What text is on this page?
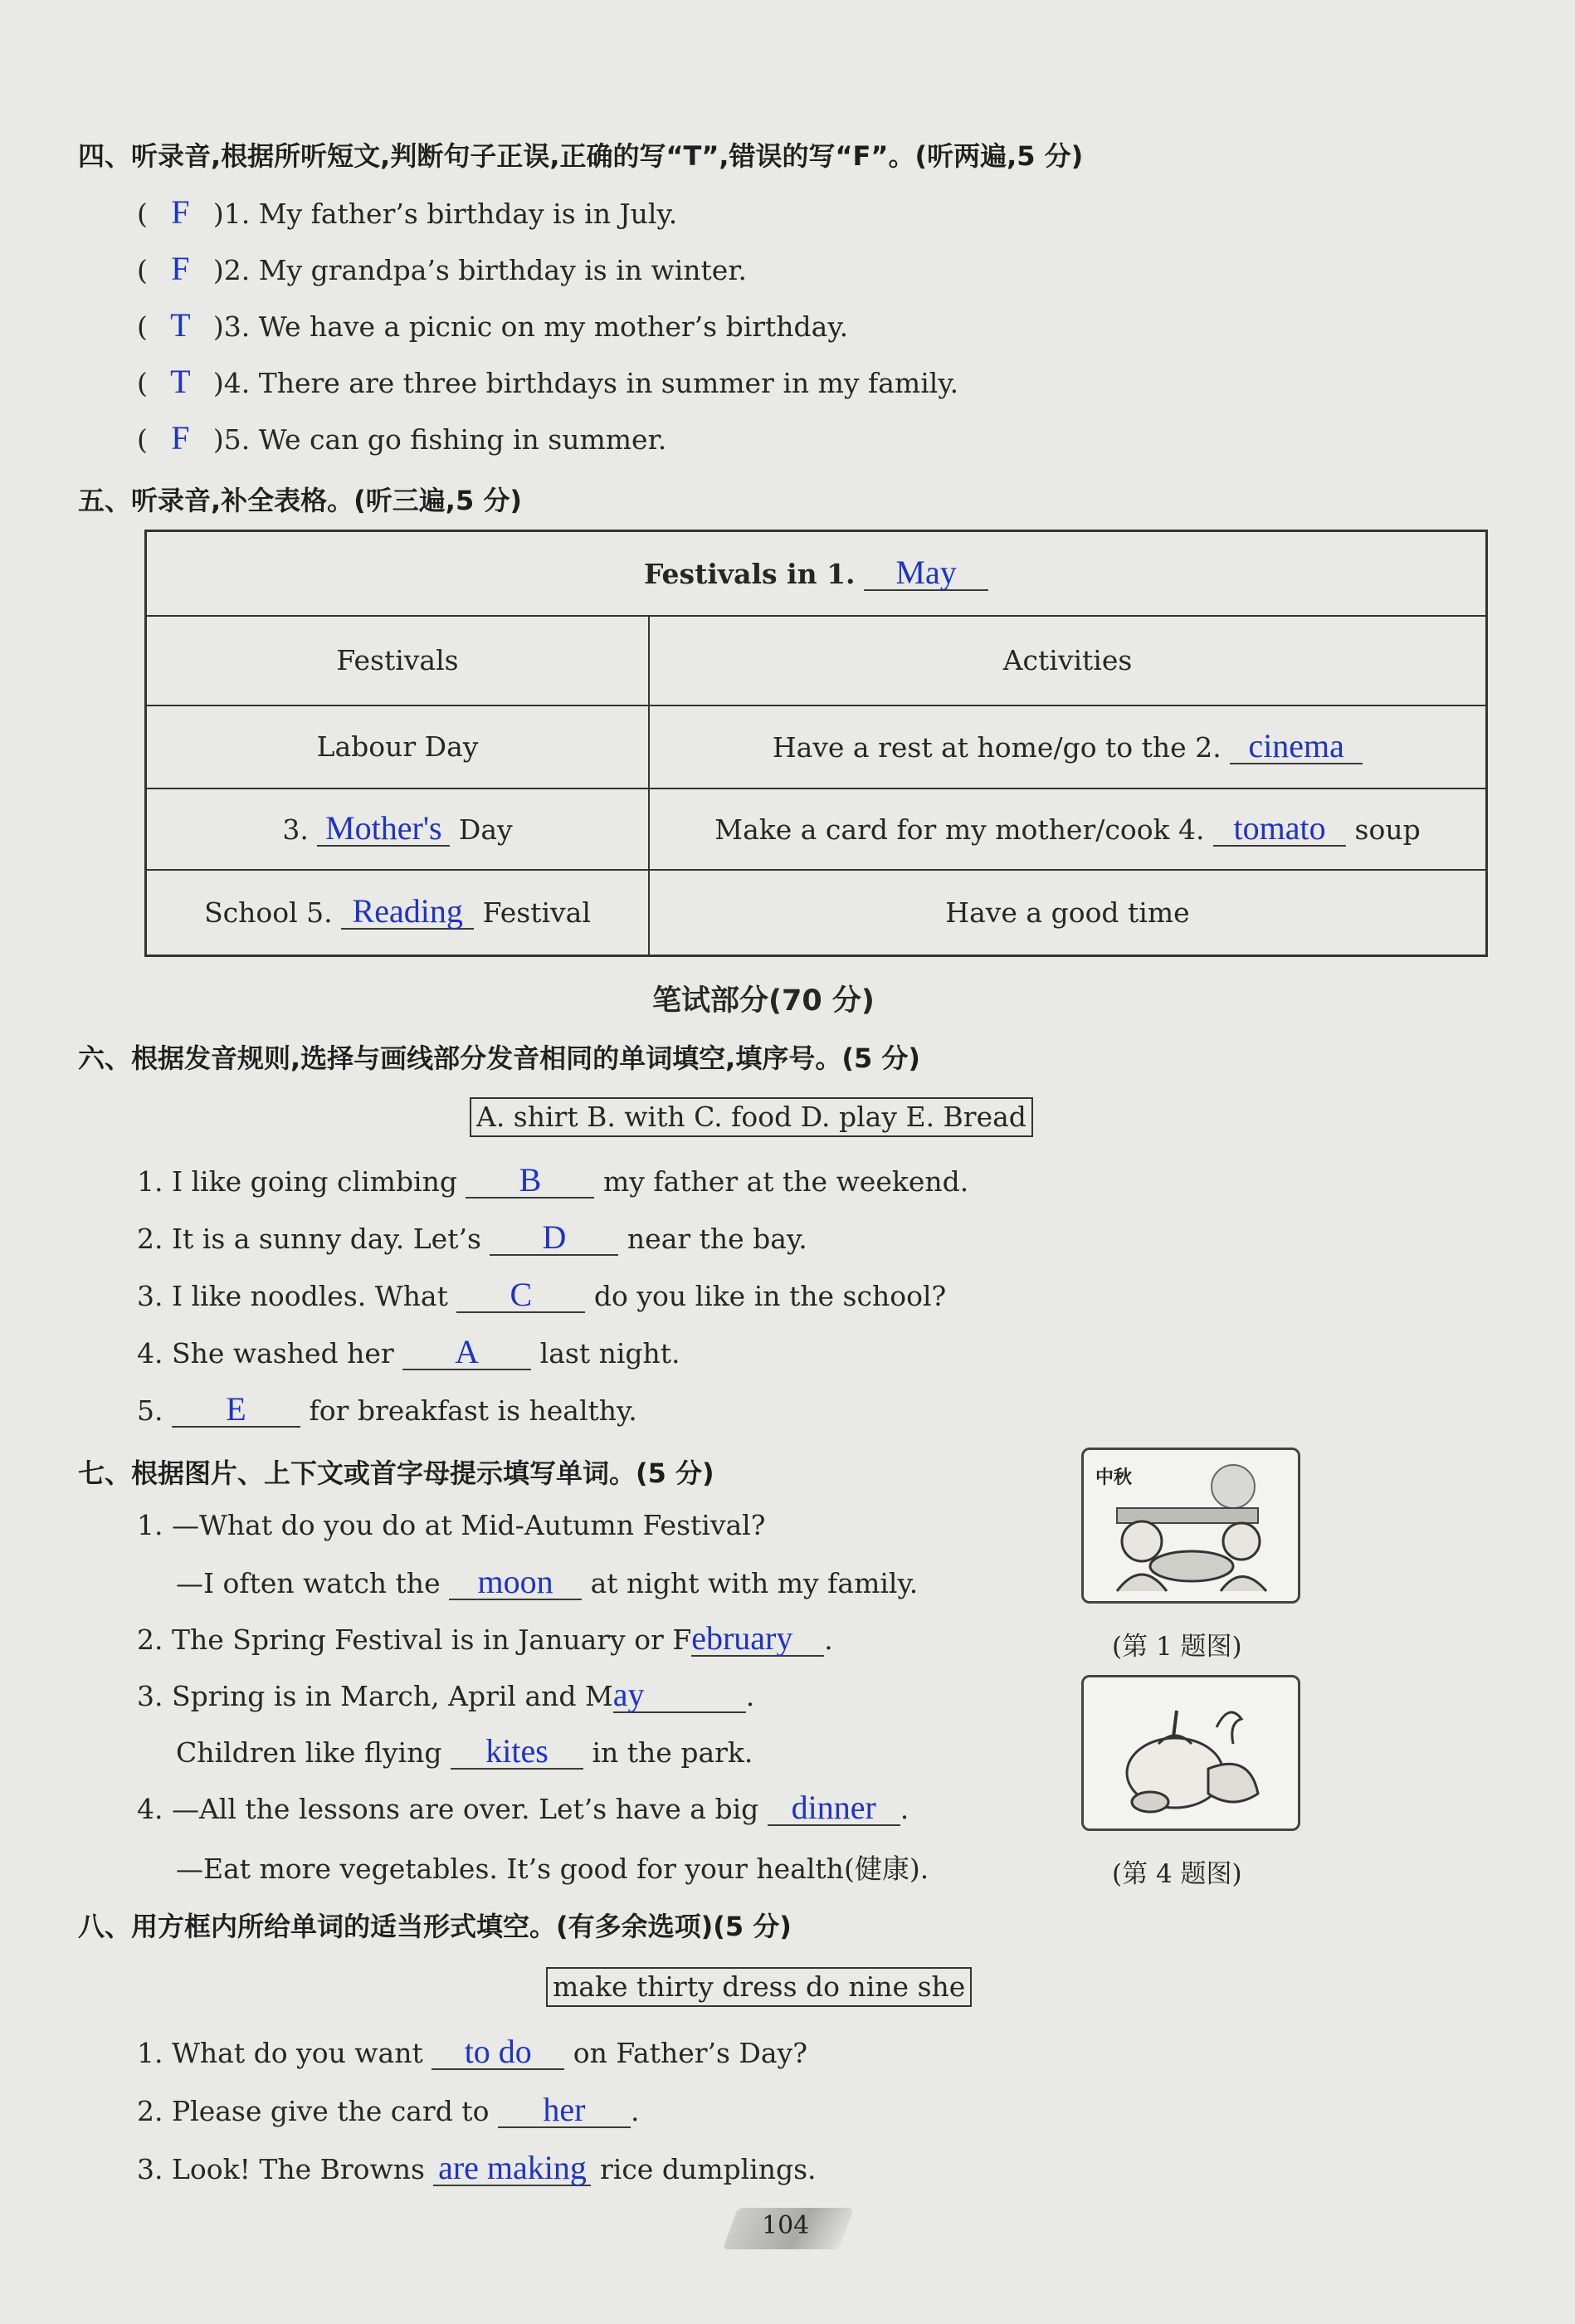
四、听录音,根据所听短文,判断句子正误,正确的写“T”,错误的写“F”。(听两遍,5 分)
( F )1. My father’s birthday is in July.
( F )2. My grandpa’s birthday is in winter.
( T )3. We have a picnic on my mother’s birthday.
( T )4. There are three birthdays in summer in my family.
( F )5. We can go fishing in summer.
五、听录音,补全表格。(听三遍,5 分)
Festivals in 1. May	
Festivals	Activities
Labour Day	Have a rest at home/go to the 2. cinema
3. Mother's Day	Make a card for my mother/cook 4. tomato soup
School 5. Reading Festival	Have a good time
笔试部分(70 分)
六、根据发音规则,选择与画线部分发音相同的单词填空,填序号。(5 分)
A. shirt B. with C. food D. play E. Bread
1. I like going climbing B my father at the weekend.
2. It is a sunny day. Let’s D near the bay.
3. I like noodles. What C do you like in the school?
4. She washed her A last night.
5. E for breakfast is healthy.
七、根据图片、上下文或首字母提示填写单词。(5 分)
1. —What do you do at Mid-Autumn Festival?
—I often watch the moon at night with my family.
2. The Spring Festival is in January or February .
3. Spring is in March, April and May	.
Children like flying kites in the park.
4. —All the lessons are over. Let’s have a big dinner .
—Eat more vegetables. It’s good for your health(健康).
中秋
(第 1 题图)
(第 4 题图)
八、用方框内所给单词的适当形式填空。(有多余选项)(5 分)
make thirty dress do nine she
1. What do you want to do on Father’s Day?
2. Please give the card to her .
3. Look! The Browns are making rice dumplings.
104
